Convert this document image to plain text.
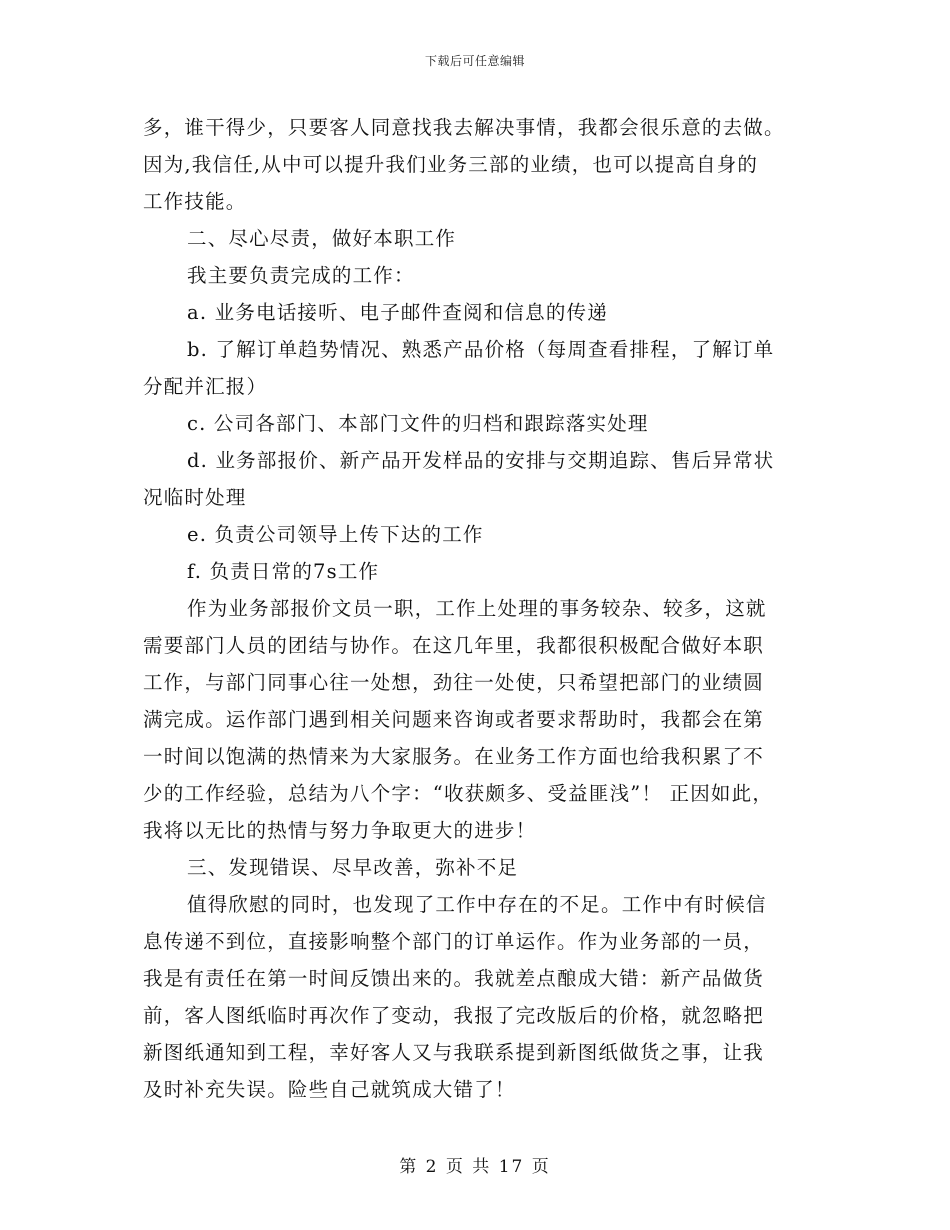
下载后可任意编辑
多，谁干得少，只要客人同意找我去解决事情，我都会很乐意的去做。
因为,我信任,从中可以提升我们业务三部的业绩，也可以提高自身的
工作技能。
二、尽心尽责，做好本职工作
我主要负责完成的工作：
a. 业务电话接听、电子邮件查阅和信息的传递
b. 了解订单趋势情况、熟悉产品价格（每周查看排程，了解订单
分配并汇报）
c. 公司各部门、本部门文件的归档和跟踪落实处理
d. 业务部报价、新产品开发样品的安排与交期追踪、售后异常状
况临时处理
e. 负责公司领导上传下达的工作
f. 负责日常的7s工作
作为业务部报价文员一职，工作上处理的事务较杂、较多，这就
需要部门人员的团结与协作。在这几年里，我都很积极配合做好本职
工作，与部门同事心往一处想，劲往一处使，只希望把部门的业绩圆
满完成。运作部门遇到相关问题来咨询或者要求帮助时，我都会在第
一时间以饱满的热情来为大家服务。在业务工作方面也给我积累了不
少的工作经验，总结为八个字：“收获颇多、受益匪浅”！ 正因如此，
我将以无比的热情与努力争取更大的进步！
三、发现错误、尽早改善，弥补不足
值得欣慰的同时，也发现了工作中存在的不足。工作中有时候信
息传递不到位，直接影响整个部门的订单运作。作为业务部的一员，
我是有责任在第一时间反馈出来的。我就差点酿成大错：新产品做货
前，客人图纸临时再次作了变动，我报了完改版后的价格，就忽略把
新图纸通知到工程，幸好客人又与我联系提到新图纸做货之事，让我
及时补充失误。险些自己就筑成大错了！
第 2 页 共 17 页
